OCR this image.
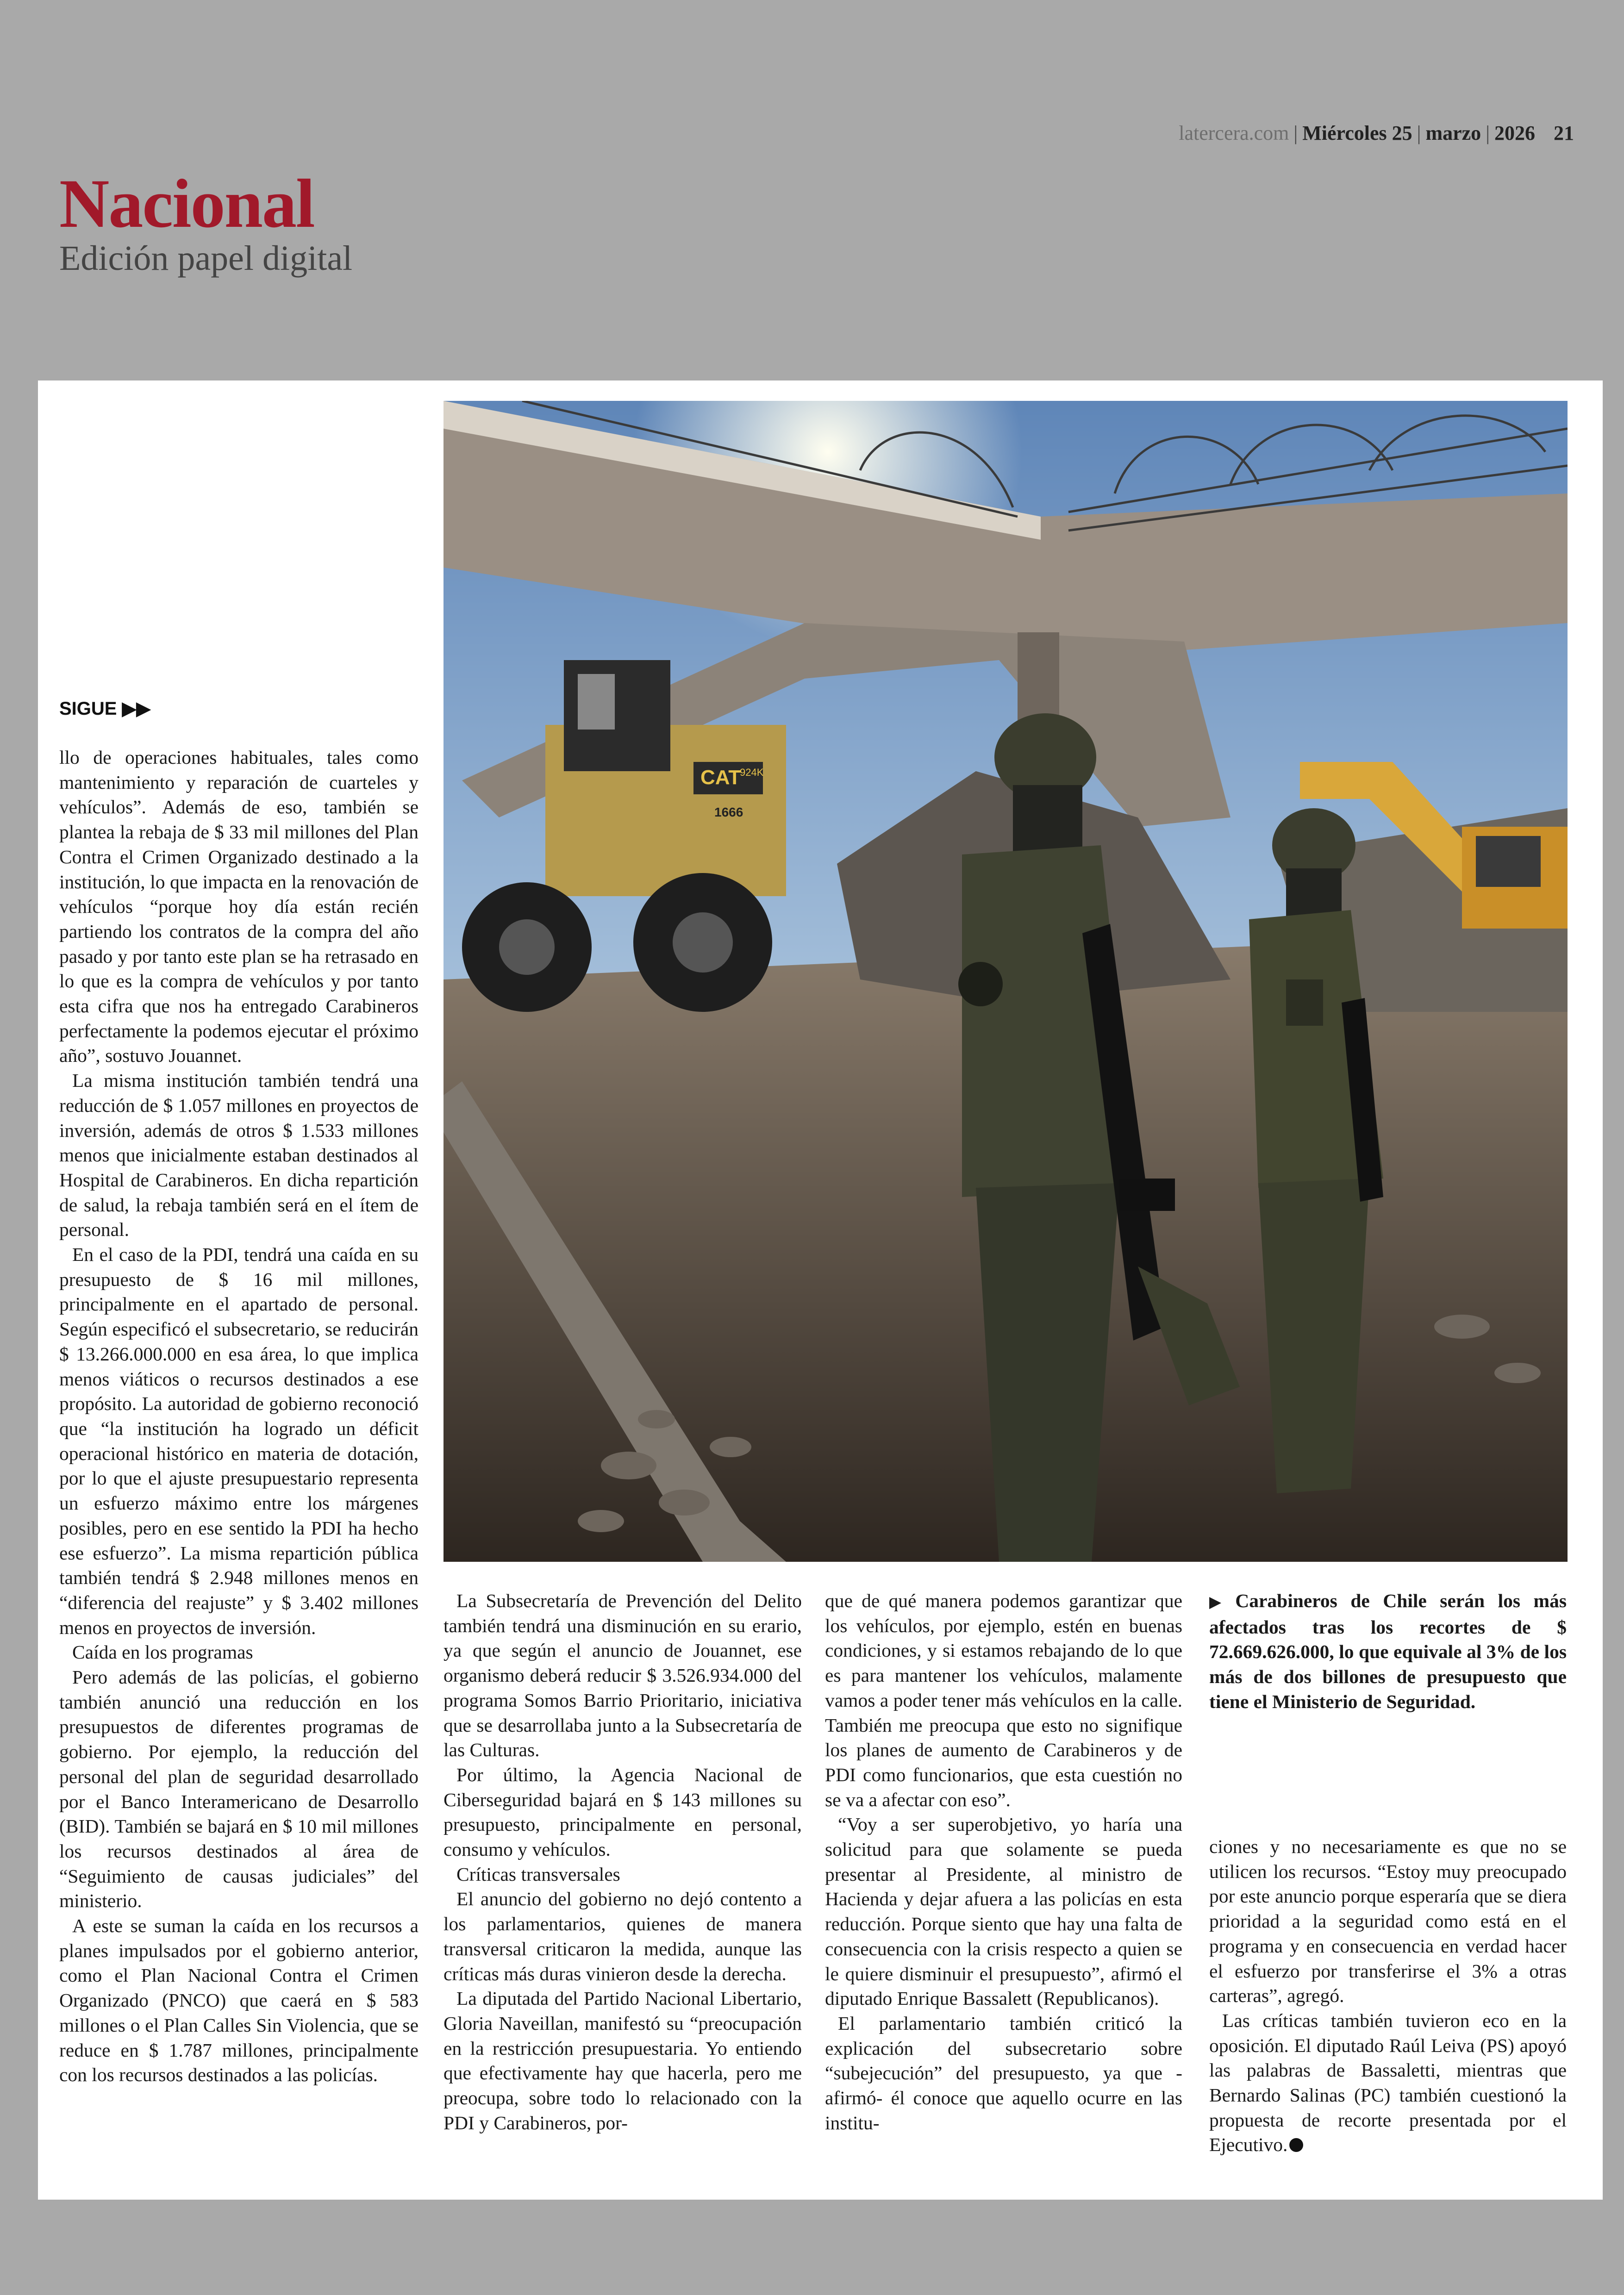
latercera.com | Miércoles 25 | marzo | 2026 21
Nacional
Edición papel digital
CAT
924K
1666
SIGUE ▶▶

llo de operaciones habituales, tales como mantenimiento y reparación de cuarteles y vehículos”. Además de eso, también se plantea la rebaja de $ 33 mil millones del Plan Contra el Crimen Organizado destinado a la institución, lo que impacta en la renovación de vehículos “porque hoy día están recién partiendo los contratos de la compra del año pasado y por tanto este plan se ha retrasado en lo que es la compra de vehículos y por tanto esta cifra que nos ha entregado Carabineros perfectamente la podemos ejecutar el próximo año”, sostuvo Jouannet.

La misma institución también tendrá una reducción de $ 1.057 millones en proyectos de inversión, además de otros $ 1.533 millones menos que inicialmente estaban destinados al Hospital de Carabineros. En dicha repartición de salud, la rebaja también será en el ítem de personal.

En el caso de la PDI, tendrá una caída en su presupuesto de $ 16 mil millones, principalmente en el apartado de personal. Según especificó el subsecretario, se reducirán $ 13.266.000.000 en esa área, lo que implica menos viáticos o recursos destinados a ese propósito. La autoridad de gobierno reconoció que “la institución ha logrado un déficit operacional histórico en materia de dotación, por lo que el ajuste presupuestario representa un esfuerzo máximo entre los márgenes posibles, pero en ese sentido la PDI ha hecho ese esfuerzo”. La misma repartición pública también tendrá $ 2.948 millones menos en “diferencia del reajuste” y $ 3.402 millones menos en proyectos de inversión.

Caída en los programas

Pero además de las policías, el gobierno también anunció una reducción en los presupuestos de diferentes programas de gobierno. Por ejemplo, la reducción del personal del plan de seguridad desarrollado por el Banco Interamericano de Desarrollo (BID). También se bajará en $ 10 mil millones los recursos destinados al área de “Seguimiento de causas judiciales” del ministerio.

A este se suman la caída en los recursos a planes impulsados por el gobierno anterior, como el Plan Nacional Contra el Crimen Organizado (PNCO) que caerá en $ 583 millones o el Plan Calles Sin Violencia, que se reduce en $ 1.787 millones, principalmente con los recursos destinados a las policías.

La Subsecretaría de Prevención del Delito también tendrá una disminución en su erario, ya que según el anuncio de Jouannet, ese organismo deberá reducir $ 3.526.934.000 del programa Somos Barrio Prioritario, iniciativa que se desarrollaba junto a la Subsecretaría de las Culturas.

Por último, la Agencia Nacional de Ciberseguridad bajará en $ 143 millones su presupuesto, principalmente en personal, consumo y vehículos.

Críticas transversales

El anuncio del gobierno no dejó contento a los parlamentarios, quienes de manera transversal criticaron la medida, aunque las críticas más duras vinieron desde la derecha.

La diputada del Partido Nacional Libertario, Gloria Naveillan, manifestó su “preocupación en la restricción presupuestaria. Yo entiendo que efectivamente hay que hacerla, pero me preocupa, sobre todo lo relacionado con la PDI y Carabineros, por-

que de qué manera podemos garantizar que los vehículos, por ejemplo, estén en buenas condiciones, y si estamos rebajando de lo que es para mantener los vehículos, malamente vamos a poder tener más vehículos en la calle. También me preocupa que esto no signifique los planes de aumento de Carabineros y de PDI como funcionarios, que esta cuestión no se va a afectar con eso”.

“Voy a ser superobjetivo, yo haría una solicitud para que solamente se pueda presentar al Presidente, al ministro de Hacienda y dejar afuera a las policías en esta reducción. Porque siento que hay una falta de consecuencia con la crisis respecto a quien se le quiere disminuir el presupuesto”, afirmó el diputado Enrique Bassalett (Republicanos).

El parlamentario también criticó la explicación del subsecretario sobre “subejecución” del presupuesto, ya que -afirmó- él conoce que aquello ocurre en las institu-

▶ Carabineros de Chile serán los más afectados tras los recortes de $ 72.669.626.000, lo que equivale al 3% de los más de dos billones de presupuesto que tiene el Ministerio de Seguridad.

ciones y no necesariamente es que no se utilicen los recursos. “Estoy muy preocupado por este anuncio porque esperaría que se diera prioridad a la seguridad como está en el programa y en consecuencia en verdad hacer el esfuerzo por transferirse el 3% a otras carteras”, agregó.

Las críticas también tuvieron eco en la oposición. El diputado Raúl Leiva (PS) apoyó las palabras de Bassaletti, mientras que Bernardo Salinas (PC) también cuestionó la propuesta de recorte presentada por el Ejecutivo.
